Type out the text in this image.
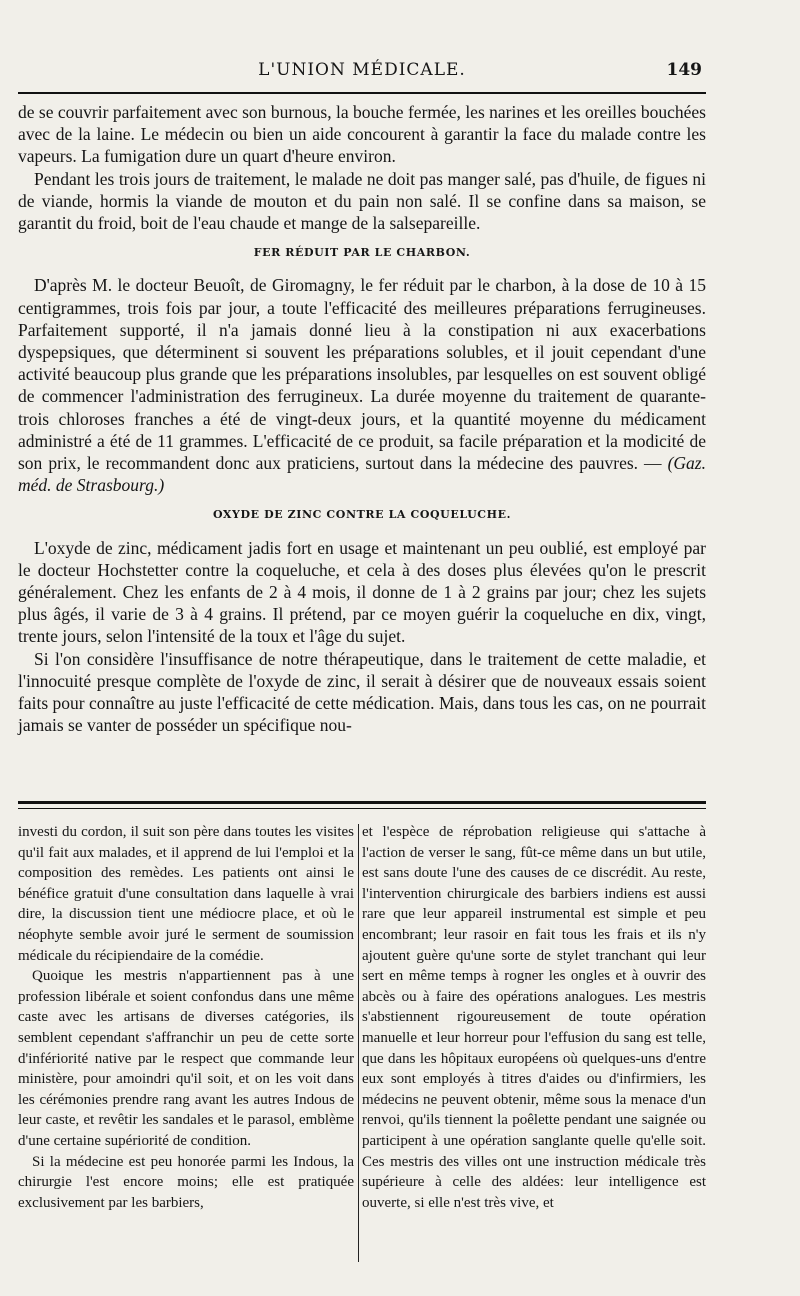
L'UNION MÉDICALE.	149

de se couvrir parfaitement avec son burnous, la bouche fermée, les narines et les oreilles bouchées avec de la laine. Le médecin ou bien un aide concourent à garantir la face du malade contre les vapeurs. La fumigation dure un quart d'heure environ.

Pendant les trois jours de traitement, le malade ne doit pas manger salé, pas d'huile, de figues ni de viande, hormis la viande de mouton et du pain non salé. Il se confine dans sa maison, se garantit du froid, boit de l'eau chaude et mange de la salsepareille.

FER RÉDUIT PAR LE CHARBON.

D'après M. le docteur Beuoît, de Giromagny, le fer réduit par le charbon, à la dose de 10 à 15 centigrammes, trois fois par jour, a toute l'efficacité des meilleures préparations ferrugineuses. Parfaitement supporté, il n'a jamais donné lieu à la constipation ni aux exacerbations dyspepsiques, que déterminent si souvent les préparations solubles, et il jouit cependant d'une activité beaucoup plus grande que les préparations insolubles, par lesquelles on est souvent obligé de commencer l'administration des ferrugineux. La durée moyenne du traitement de quarante-trois chloroses franches a été de vingt-deux jours, et la quantité moyenne du médicament administré a été de 11 grammes. L'efficacité de ce produit, sa facile préparation et la modicité de son prix, le recommandent donc aux praticiens, surtout dans la médecine des pauvres. — (Gaz. méd. de Strasbourg.)

OXYDE DE ZINC CONTRE LA COQUELUCHE.

L'oxyde de zinc, médicament jadis fort en usage et maintenant un peu oublié, est employé par le docteur Hochstetter contre la coqueluche, et cela à des doses plus élevées qu'on le prescrit généralement. Chez les enfants de 2 à 4 mois, il donne de 1 à 2 grains par jour; chez les sujets plus âgés, il varie de 3 à 4 grains. Il prétend, par ce moyen guérir la coqueluche en dix, vingt, trente jours, selon l'intensité de la toux et l'âge du sujet.

Si l'on considère l'insuffisance de notre thérapeutique, dans le traitement de cette maladie, et l'innocuité presque complète de l'oxyde de zinc, il serait à désirer que de nouveaux essais soient faits pour connaître au juste l'efficacité de cette médication. Mais, dans tous les cas, on ne pourrait jamais se vanter de posséder un spécifique nou-

investi du cordon, il suit son père dans toutes les visites qu'il fait aux malades, et il apprend de lui l'emploi et la composition des remèdes. Les patients ont ainsi le bénéfice gratuit d'une consultation dans laquelle à vrai dire, la discussion tient une médiocre place, et où le néophyte semble avoir juré le serment de soumission médicale du récipiendaire de la comédie.

Quoique les mestris n'appartiennent pas à une profession libérale et soient confondus dans une même caste avec les artisans de diverses catégories, ils semblent cependant s'affranchir un peu de cette sorte d'infériorité native par le respect que commande leur ministère, pour amoindri qu'il soit, et on les voit dans les cérémonies prendre rang avant les autres Indous de leur caste, et revêtir les sandales et le parasol, emblème d'une certaine supériorité de condition.

Si la médecine est peu honorée parmi les Indous, la chirurgie l'est encore moins; elle est pratiquée exclusivement par les barbiers,

et l'espèce de réprobation religieuse qui s'attache à l'action de verser le sang, fût-ce même dans un but utile, est sans doute l'une des causes de ce discrédit. Au reste, l'intervention chirurgicale des barbiers indiens est aussi rare que leur appareil instrumental est simple et peu encombrant; leur rasoir en fait tous les frais et ils n'y ajoutent guère qu'une sorte de stylet tranchant qui leur sert en même temps à rogner les ongles et à ouvrir des abcès ou à faire des opérations analogues. Les mestris s'abstiennent rigoureusement de toute opération manuelle et leur horreur pour l'effusion du sang est telle, que dans les hôpitaux européens où quelques-uns d'entre eux sont employés à titres d'aides ou d'infirmiers, les médecins ne peuvent obtenir, même sous la menace d'un renvoi, qu'ils tiennent la poêlette pendant une saignée ou participent à une opération sanglante quelle qu'elle soit. Ces mestris des villes ont une instruction médicale très supérieure à celle des aldées: leur intelligence est ouverte, si elle n'est très vive, et
